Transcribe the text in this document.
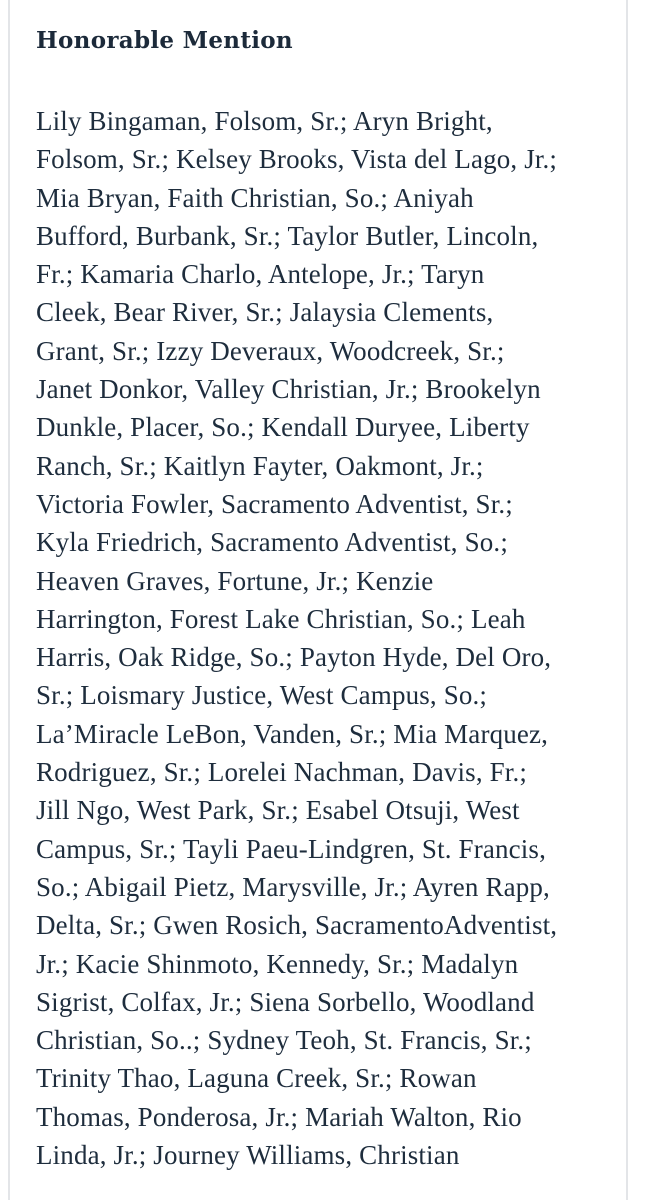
Honorable Mention

Lily Bingaman, Folsom, Sr.; Aryn Bright,
Folsom, Sr.; Kelsey Brooks, Vista del Lago, Jr.;
Mia Bryan, Faith Christian, So.; Aniyah
Bufford, Burbank, Sr.; Taylor Butler, Lincoln,
Fr.; Kamaria Charlo, Antelope, Jr.; Taryn
Cleek, Bear River, Sr.; Jalaysia Clements,
Grant, Sr.; Izzy Deveraux, Woodcreek, Sr.;
Janet Donkor, Valley Christian, Jr.; Brookelyn
Dunkle, Placer, So.; Kendall Duryee, Liberty
Ranch, Sr.; Kaitlyn Fayter, Oakmont, Jr.;
Victoria Fowler, Sacramento Adventist, Sr.;
Kyla Friedrich, Sacramento Adventist, So.;
Heaven Graves, Fortune, Jr.; Kenzie
Harrington, Forest Lake Christian, So.; Leah
Harris, Oak Ridge, So.; Payton Hyde, Del Oro,
Sr.; Loismary Justice, West Campus, So.;
La’Miracle LeBon, Vanden, Sr.; Mia Marquez,
Rodriguez, Sr.; Lorelei Nachman, Davis, Fr.;
Jill Ngo, West Park, Sr.; Esabel Otsuji, West
Campus, Sr.; Tayli Paeu-Lindgren, St. Francis,
So.; Abigail Pietz, Marysville, Jr.; Ayren Rapp,
Delta, Sr.; Gwen Rosich, SacramentoAdventist,
Jr.; Kacie Shinmoto, Kennedy, Sr.; Madalyn
Sigrist, Colfax, Jr.; Siena Sorbello, Woodland
Christian, So..; Sydney Teoh, St. Francis, Sr.;
Trinity Thao, Laguna Creek, Sr.; Rowan
Thomas, Ponderosa, Jr.; Mariah Walton, Rio
Linda, Jr.; Journey Williams, Christian
